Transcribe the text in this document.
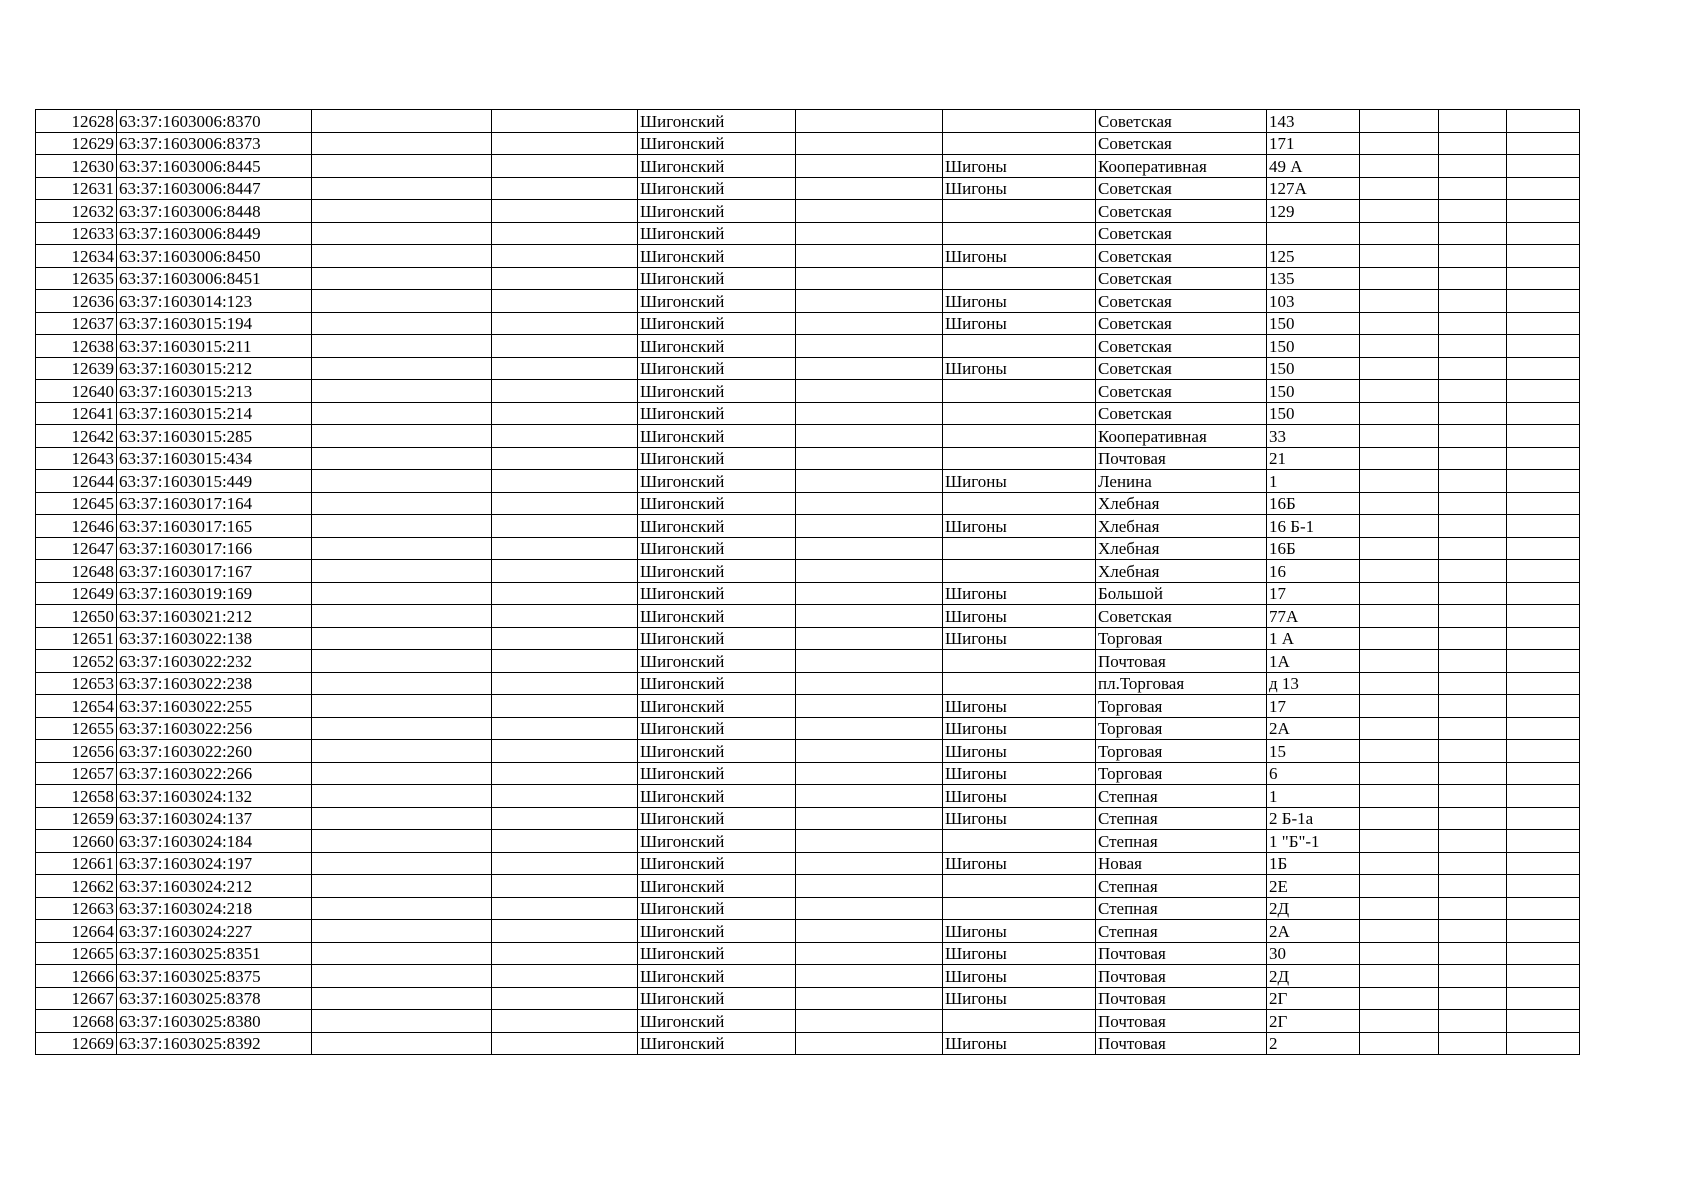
12628	63:37:1603006:8370			Шигонский			Советская	143			
12629	63:37:1603006:8373			Шигонский			Советская	171			
12630	63:37:1603006:8445			Шигонский		Шигоны	Кооперативная	49 А			
12631	63:37:1603006:8447			Шигонский		Шигоны	Советская	127А			
12632	63:37:1603006:8448			Шигонский			Советская	129			
12633	63:37:1603006:8449			Шигонский			Советская				
12634	63:37:1603006:8450			Шигонский		Шигоны	Советская	125			
12635	63:37:1603006:8451			Шигонский			Советская	135			
12636	63:37:1603014:123			Шигонский		Шигоны	Советская	103			
12637	63:37:1603015:194			Шигонский		Шигоны	Советская	150			
12638	63:37:1603015:211			Шигонский			Советская	150			
12639	63:37:1603015:212			Шигонский		Шигоны	Советская	150			
12640	63:37:1603015:213			Шигонский			Советская	150			
12641	63:37:1603015:214			Шигонский			Советская	150			
12642	63:37:1603015:285			Шигонский			Кооперативная	33			
12643	63:37:1603015:434			Шигонский			Почтовая	21			
12644	63:37:1603015:449			Шигонский		Шигоны	Ленина	1			
12645	63:37:1603017:164			Шигонский			Хлебная	16Б			
12646	63:37:1603017:165			Шигонский		Шигоны	Хлебная	16 Б-1			
12647	63:37:1603017:166			Шигонский			Хлебная	16Б			
12648	63:37:1603017:167			Шигонский			Хлебная	16			
12649	63:37:1603019:169			Шигонский		Шигоны	Большой	17			
12650	63:37:1603021:212			Шигонский		Шигоны	Советская	77А			
12651	63:37:1603022:138			Шигонский		Шигоны	Торговая	1 А			
12652	63:37:1603022:232			Шигонский			Почтовая	1А			
12653	63:37:1603022:238			Шигонский			пл.Торговая	д 13			
12654	63:37:1603022:255			Шигонский		Шигоны	Торговая	17			
12655	63:37:1603022:256			Шигонский		Шигоны	Торговая	2А			
12656	63:37:1603022:260			Шигонский		Шигоны	Торговая	15			
12657	63:37:1603022:266			Шигонский		Шигоны	Торговая	6			
12658	63:37:1603024:132			Шигонский		Шигоны	Степная	1			
12659	63:37:1603024:137			Шигонский		Шигоны	Степная	2 Б-1а			
12660	63:37:1603024:184			Шигонский			Степная	1 "Б"-1			
12661	63:37:1603024:197			Шигонский		Шигоны	Новая	1Б			
12662	63:37:1603024:212			Шигонский			Степная	2Е			
12663	63:37:1603024:218			Шигонский			Степная	2Д			
12664	63:37:1603024:227			Шигонский		Шигоны	Степная	2А			
12665	63:37:1603025:8351			Шигонский		Шигоны	Почтовая	30			
12666	63:37:1603025:8375			Шигонский		Шигоны	Почтовая	2Д			
12667	63:37:1603025:8378			Шигонский		Шигоны	Почтовая	2Г			
12668	63:37:1603025:8380			Шигонский			Почтовая	2Г			
12669	63:37:1603025:8392			Шигонский		Шигоны	Почтовая	2			
